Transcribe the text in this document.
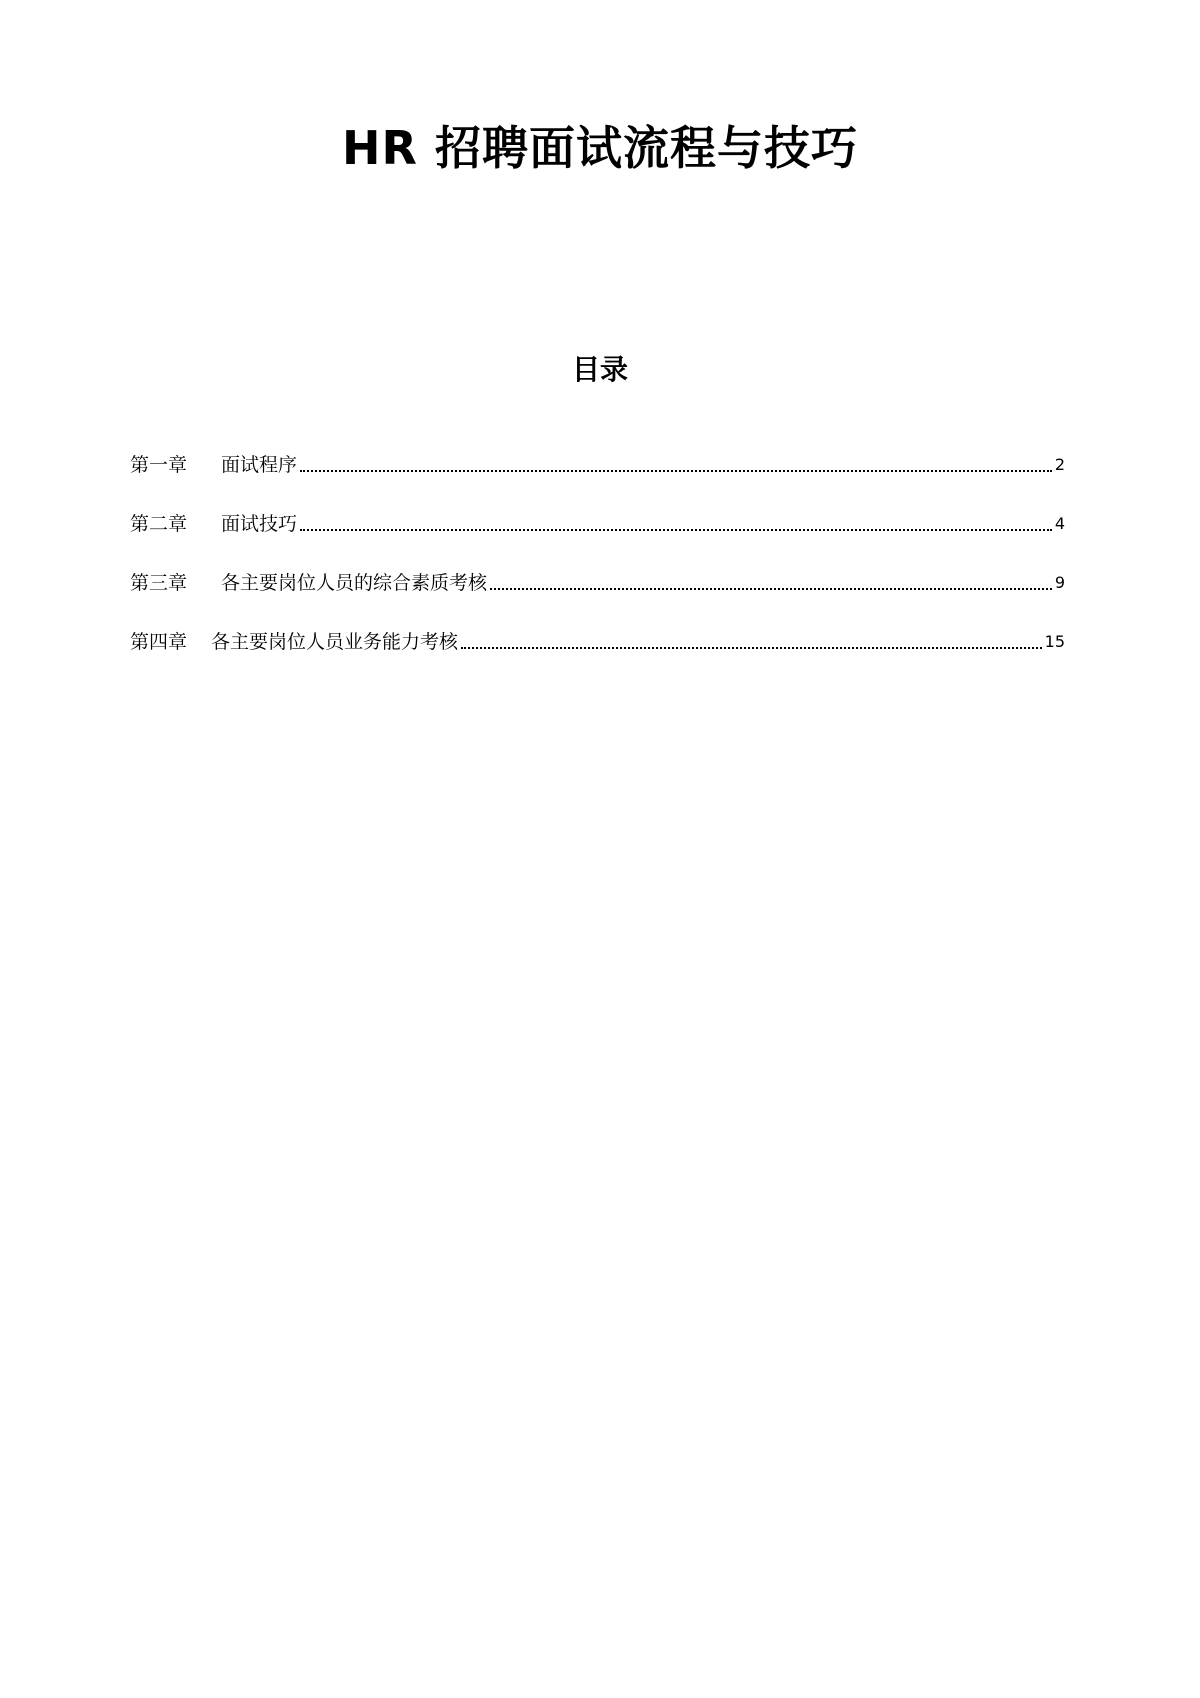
HR 招聘面试流程与技巧
目录
第一章 面试程序	2
第二章 面试技巧	4
第三章 各主要岗位人员的综合素质考核	9
第四章 各主要岗位人员业务能力考核	15
